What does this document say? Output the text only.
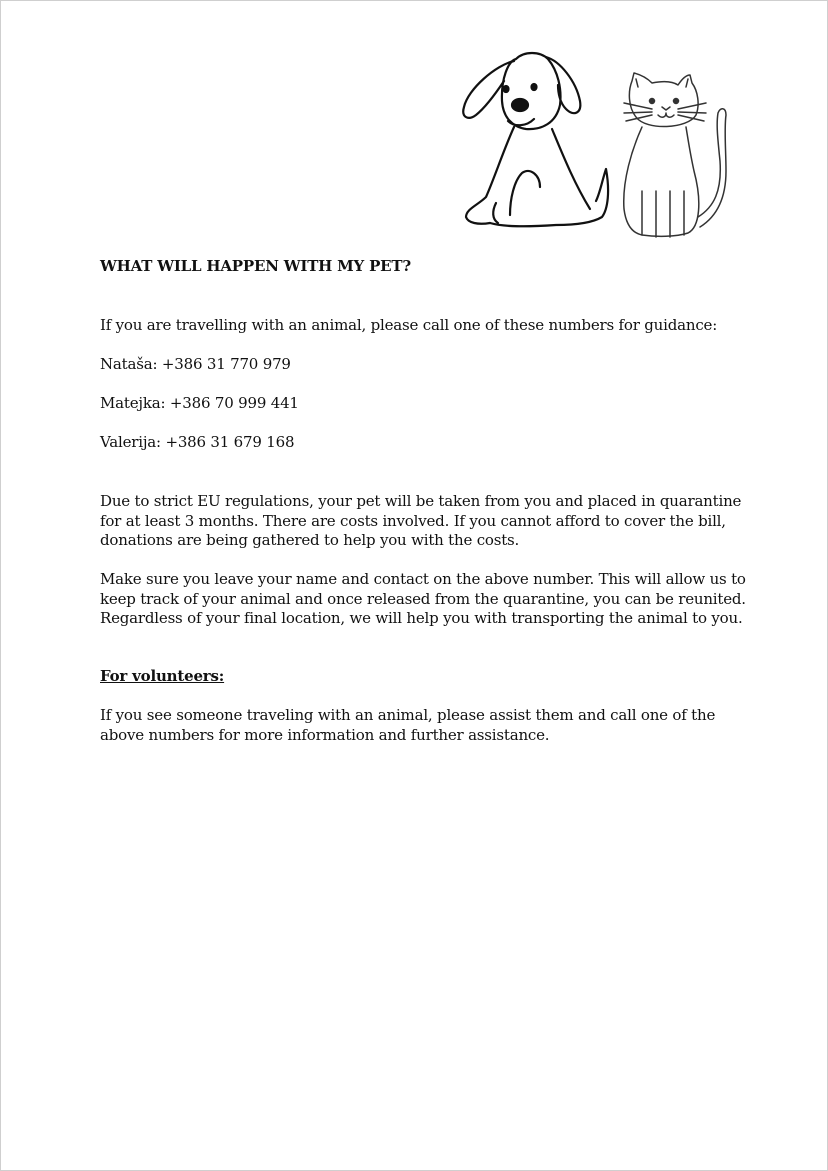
WHAT WILL HAPPEN WITH MY PET?

If you are travelling with an animal, please call one of these numbers for guidance:

Nataša: +386 31 770 979

Matejka: +386 70 999 441

Valerija: +386 31 679 168

Due to strict EU regulations, your pet will be taken from you and placed in quarantine for at least 3 months. There are costs involved. If you cannot afford to cover the bill, donations are being gathered to help you with the costs.

Make sure you leave your name and contact on the above number. This will allow us to keep track of your animal and once released from the quarantine, you can be reunited. Regardless of your final location, we will help you with transporting the animal to you.

For volunteers:

If you see someone traveling with an animal, please assist them and call one of the above numbers for more information and further assistance.
